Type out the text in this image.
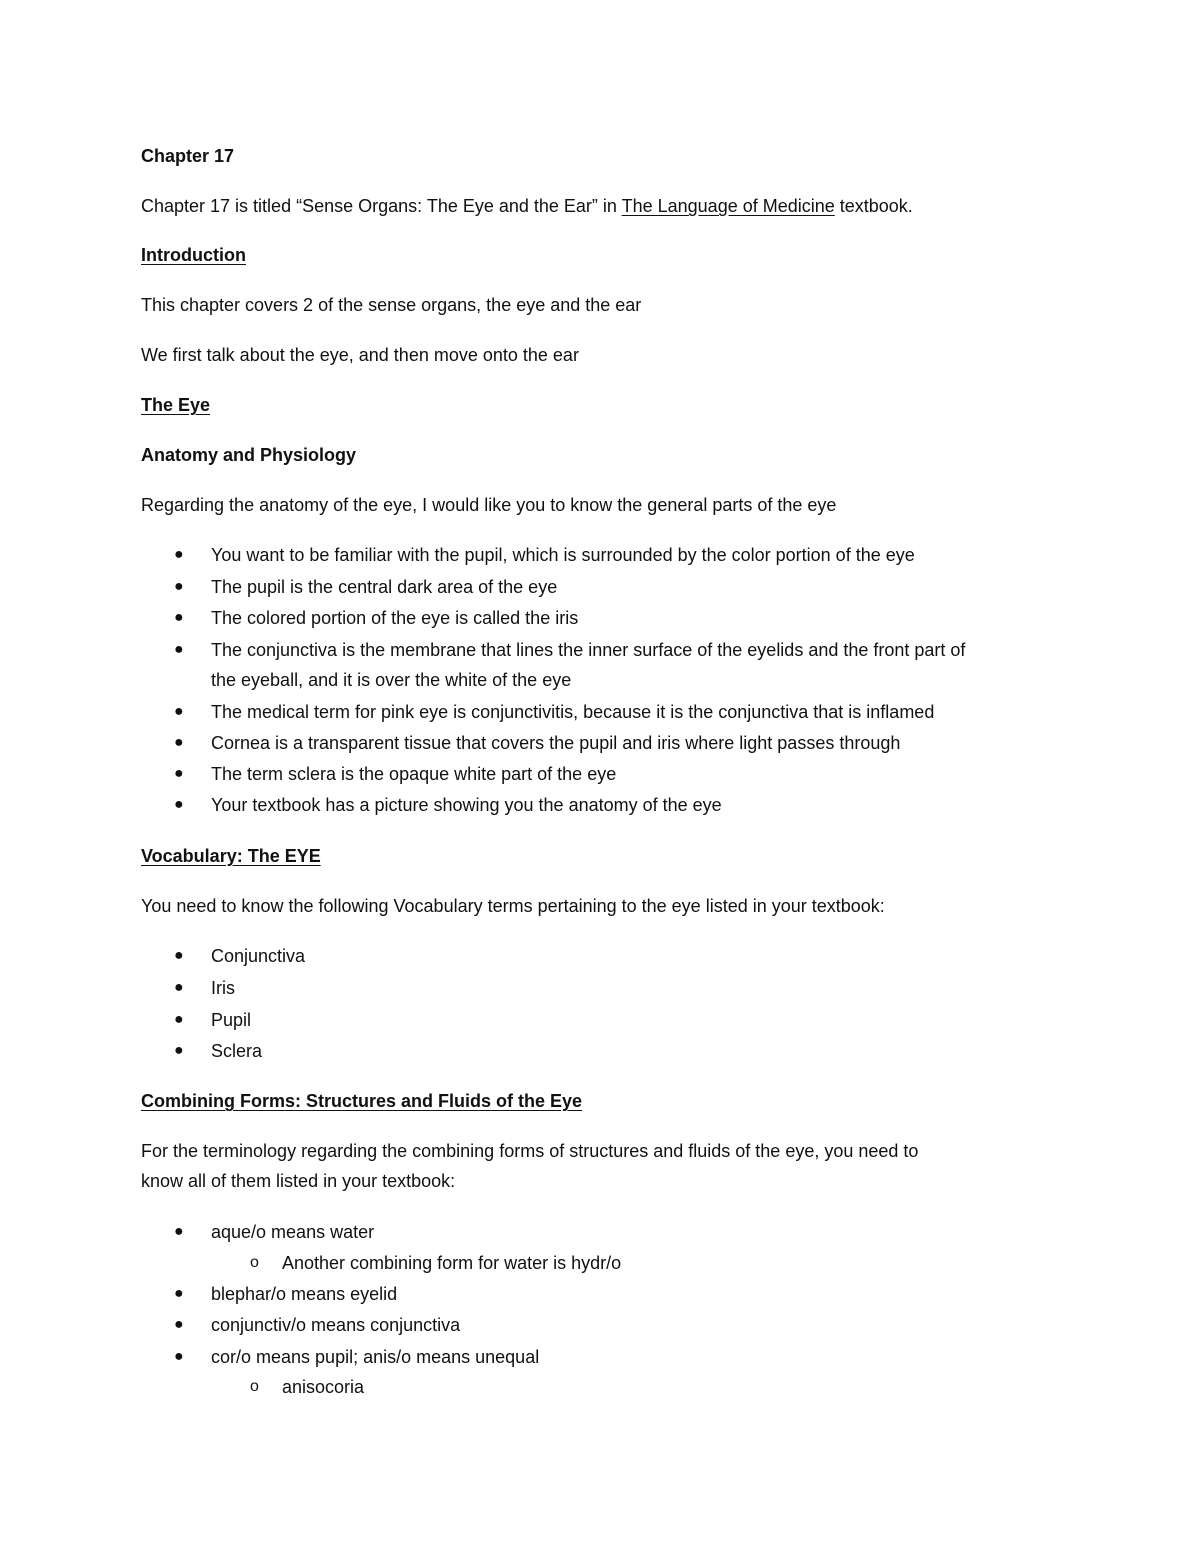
Chapter 17
Chapter 17 is titled “Sense Organs: The Eye and the Ear” in The Language of Medicine textbook.
Introduction
This chapter covers 2 of the sense organs, the eye and the ear
We first talk about the eye, and then move onto the ear
The Eye
Anatomy and Physiology
Regarding the anatomy of the eye, I would like you to know the general parts of the eye
● You want to be familiar with the pupil, which is surrounded by the color portion of the eye
● The pupil is the central dark area of the eye
● The colored portion of the eye is called the iris
● The conjunctiva is the membrane that lines the inner surface of the eyelids and the front part of
the eyeball, and it is over the white of the eye
● The medical term for pink eye is conjunctivitis, because it is the conjunctiva that is inflamed
● Cornea is a transparent tissue that covers the pupil and iris where light passes through
● The term sclera is the opaque white part of the eye
● Your textbook has a picture showing you the anatomy of the eye
Vocabulary: The EYE
You need to know the following Vocabulary terms pertaining to the eye listed in your textbook:
● Conjunctiva
● Iris
● Pupil
● Sclera
Combining Forms: Structures and Fluids of the Eye
For the terminology regarding the combining forms of structures and fluids of the eye, you need to
know all of them listed in your textbook:
● aque/o means water
o Another combining form for water is hydr/o
● blephar/o means eyelid
● conjunctiv/o means conjunctiva
● cor/o means pupil; anis/o means unequal
o anisocoria
